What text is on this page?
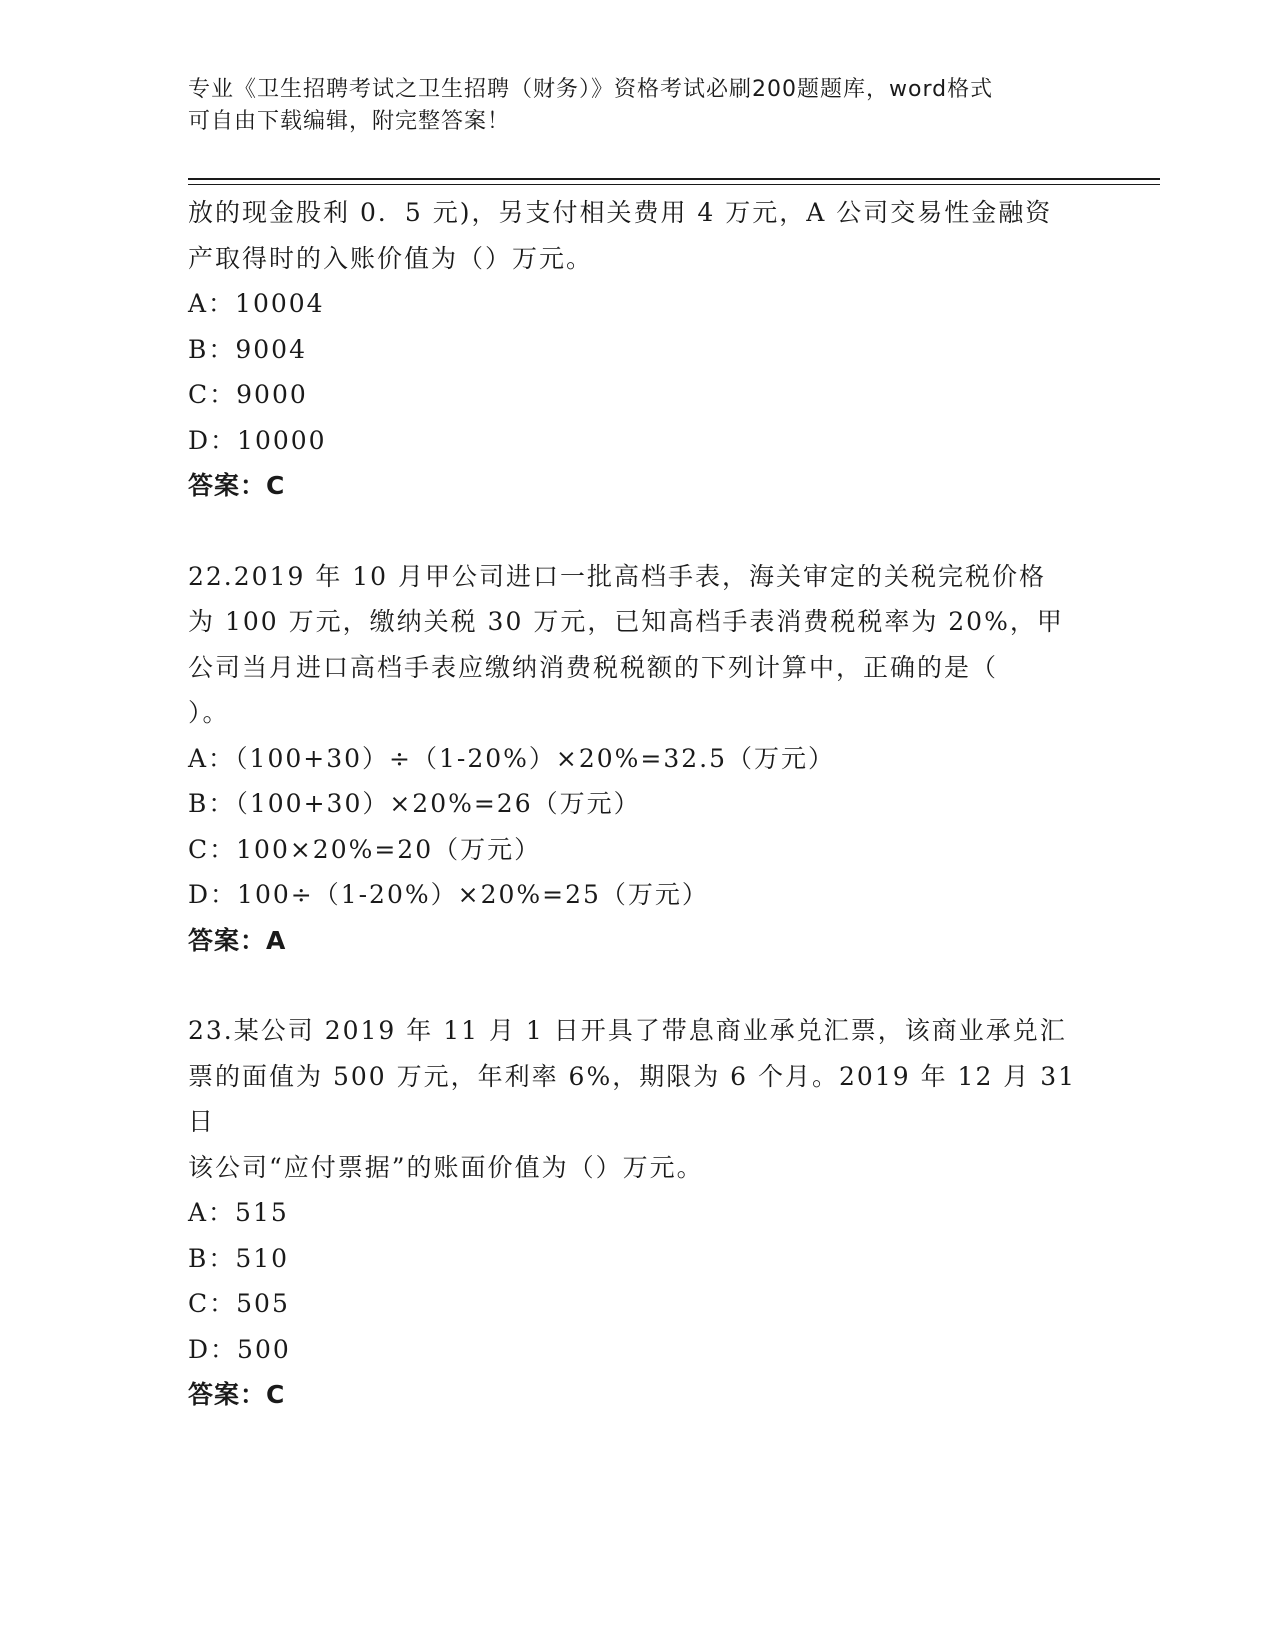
专业《卫生招聘考试之卫生招聘（财务）》资格考试必刷200题题库，word格式
可自由下载编辑，附完整答案！
放的现金股利 0．5 元)，另支付相关费用 4 万元，A 公司交易性金融资
产取得时的入账价值为（）万元。
A：10004
B：9004
C：9000
D：10000
答案：C
22.2019 年 10 月甲公司进口一批高档手表，海关审定的关税完税价格
为 100 万元，缴纳关税 30 万元，已知高档手表消费税税率为 20%，甲
公司当月进口高档手表应缴纳消费税税额的下列计算中，正确的是（
）。
A：（100+30）÷（1-20%）×20%=32.5（万元）
B：（100+30）×20%=26（万元）
C：100×20%=20（万元）
D：100÷（1-20%）×20%=25（万元）
答案：A
23.某公司 2019 年 11 月 1 日开具了带息商业承兑汇票，该商业承兑汇
票的面值为 500 万元，年利率 6%，期限为 6 个月。2019 年 12 月 31 日
该公司“应付票据”的账面价值为（）万元。
A：515
B：510
C：505
D：500
答案：C
